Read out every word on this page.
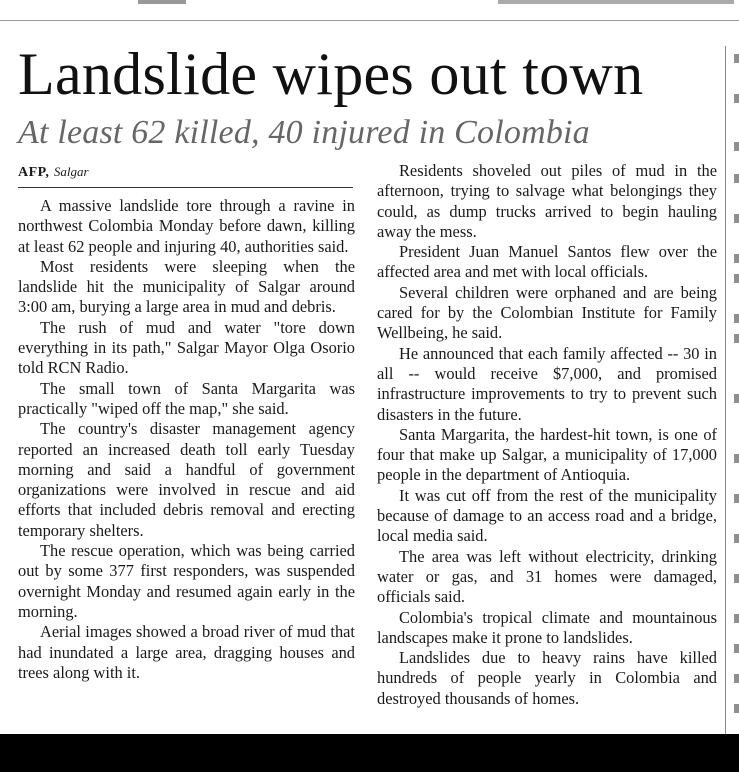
Landslide wipes out town
At least 62 killed, 40 injured in Colombia
AFP, Salgar

A massive landslide tore through a ravine in northwest Colombia Monday before dawn, killing at least 62 people and injuring 40, authorities said.

Most residents were sleeping when the landslide hit the municipality of Salgar around 3:00 am, burying a large area in mud and debris.

The rush of mud and water "tore down everything in its path," Salgar Mayor Olga Osorio told RCN Radio.

The small town of Santa Margarita was practically "wiped off the map," she said.

The country's disaster management agency reported an increased death toll early Tuesday morning and said a handful of government organizations were involved in rescue and aid efforts that included debris removal and erecting temporary shelters.

The rescue operation, which was being carried out by some 377 first responders, was suspended overnight Monday and resumed again early in the morning.

Aerial images showed a broad river of mud that had inundated a large area, dragging houses and trees along with it.

Residents shoveled out piles of mud in the afternoon, trying to salvage what belongings they could, as dump trucks arrived to begin hauling away the mess.

President Juan Manuel Santos flew over the affected area and met with local officials.

Several children were orphaned and are being cared for by the Colombian Institute for Family Wellbeing, he said.

He announced that each family affected -- 30 in all -- would receive $7,000, and promised infrastructure improvements to try to prevent such disasters in the future.

Santa Margarita, the hardest-hit town, is one of four that make up Salgar, a municipality of 17,000 people in the department of Antioquia.

It was cut off from the rest of the municipality because of damage to an access road and a bridge, local media said.

The area was left without electricity, drinking water or gas, and 31 homes were damaged, officials said.

Colombia's tropical climate and mountainous landscapes make it prone to landslides.

Landslides due to heavy rains have killed hundreds of people yearly in Colombia and destroyed thousands of homes.
